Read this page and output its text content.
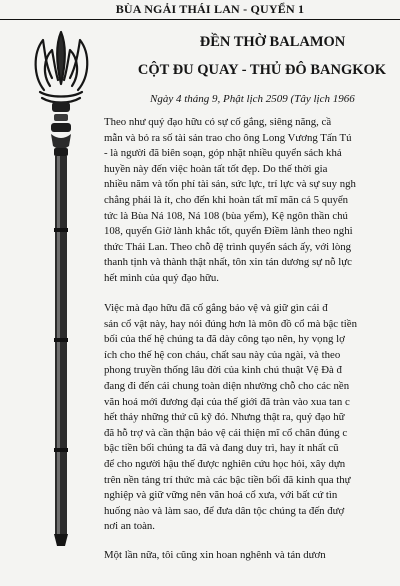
BÙA NGẢI THÁI LAN - QUYỂN 1
ĐỀN THỜ BALAMON
CỘT ĐU QUAY - THỦ ĐÔ BANGKOK
Ngày 4 tháng 9, Phật lịch 2509 (Tây lịch 1966
Theo như quý đạo hữu có sự cố gắng, siêng năng, cầ
mẫn và bỏ ra số tài sản trao cho ông Long Vương Tấn Tú
- là người đã biên soạn, góp nhặt nhiều quyển sách khả
huyền này đến việc hoàn tất tốt đẹp. Do thế thời gia
nhiều năm và tốn phí tài sản, sức lực, trí lực và sự suy ngh
chẳng phải là ít, cho đến khi hoàn tất mĩ mãn cả 5 quyển
tức là Bùa Ná 108, Ná 108 (bùa yểm), Kệ ngôn thần chú
108, quyển Giờ lành khắc tốt, quyển Điềm lành theo nghi
thức Thái Lan. Theo chỗ đệ trình quyển sách ấy, với lòng
thanh tịnh và thành thật nhất, tôn xin tán dương sự nỗ lực
hết mình của quý đạo hữu.
Việc mà đạo hữu đã cố gắng bảo vệ và giữ gìn cái đ
sản cổ vật này, hay nói đúng hơn là môn đồ cổ mà bậc tiền
bối của thế hệ chúng ta đã dày công tạo nên, hy vọng lợ
ích cho thế hệ con cháu, chất sau này của ngài, và theo
phong truyền thống lâu đời của kinh chú thuật Vệ Đà đ
đang đi đến cái chung toàn diện nhường chỗ cho các nền
văn hoá mới đương đại của thế giới đã tràn vào xua tan c
hết thảy những thứ cũ kỹ đó. Nhưng thật ra, quý đạo hữ
đã hỗ trợ và cần thận bảo vệ cái thiện mĩ cổ chân đúng c
bậc tiền bối chúng ta đã và đang duy trì, hay ít nhất cũ
để cho người hậu thế được nghiên cứu học hỏi, xây dựn
trên nền tảng trí thức mà các bậc tiền bối đã kinh qua thự
nghiệp và giữ vững nên văn hoá cổ xưa, với bất cứ tìn
huống nào và làm sao, để đưa dân tộc chúng ta đến đượ
nơi an toàn.
Một lần nữa, tôi cũng xin hoan nghênh và tán dươn
